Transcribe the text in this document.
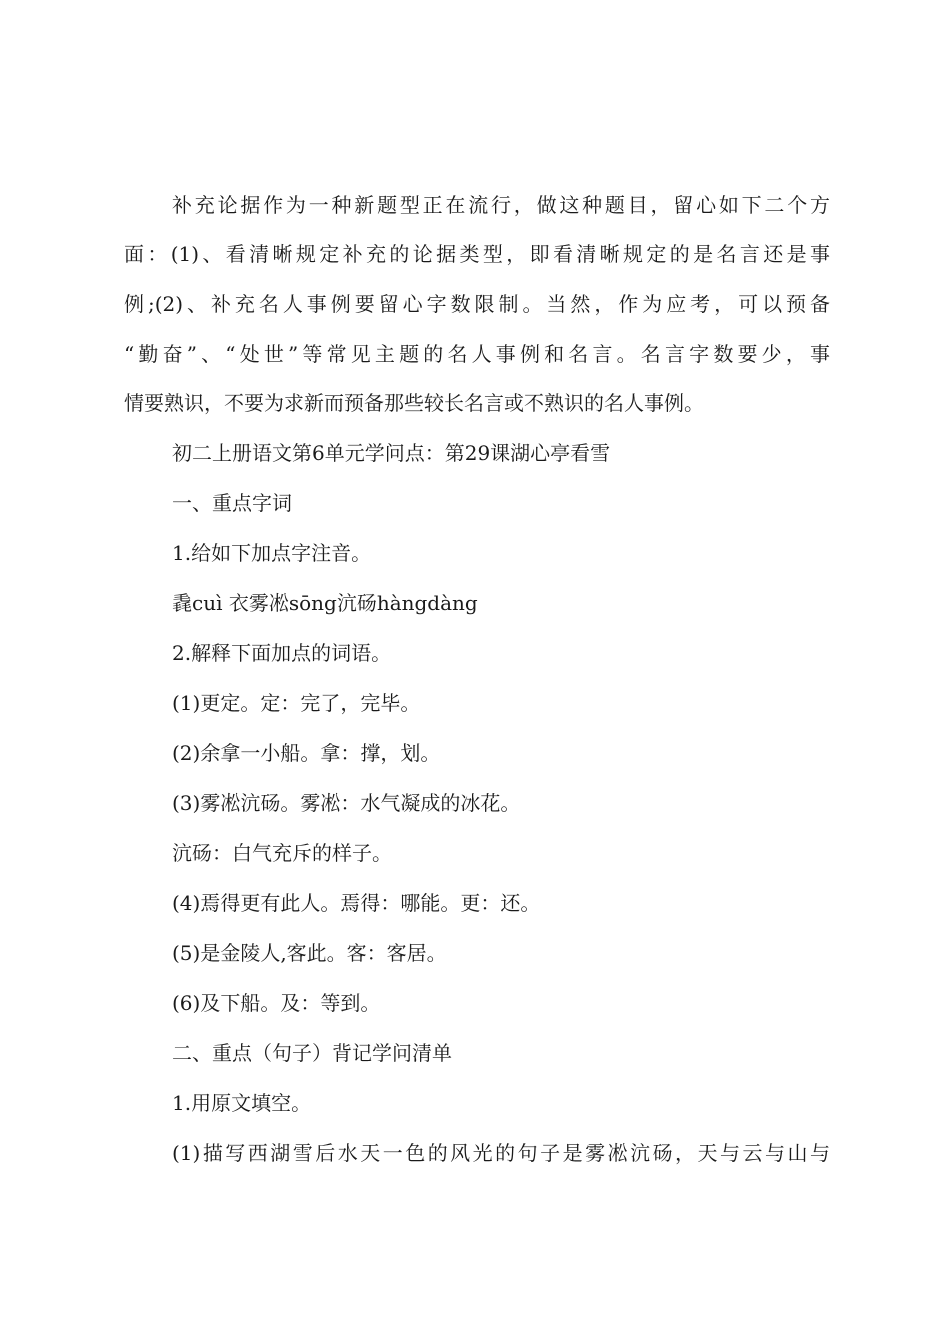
补充论据作为一种新题型正在流行，做这种题目，留心如下二个方
面：(1)、看清晰规定补充的论据类型，即看清晰规定的是名言还是事
例;(2)、补充名人事例要留心字数限制。当然，作为应考，可以预备
“勤奋”、“处世”等常见主题的名人事例和名言。名言字数要少，事
情要熟识，不要为求新而预备那些较长名言或不熟识的名人事例。
初二上册语文第6单元学问点：第29课湖心亭看雪
一、重点字词
1.给如下加点字注音。
毳cuì 衣雾凇sōng沆砀hàngdàng
2.解释下面加点的词语。
(1)更定。定：完了，完毕。
(2)余拿一小船。拿：撑，划。
(3)雾凇沆砀。雾凇：水气凝成的冰花。
沆砀：白气充斥的样子。
(4)焉得更有此人。焉得：哪能。更：还。
(5)是金陵人,客此。客：客居。
(6)及下船。及：等到。
二、重点（句子）背记学问清单
1.用原文填空。
(1)描写西湖雪后水天一色的风光的句子是雾凇沆砀，天与云与山与
